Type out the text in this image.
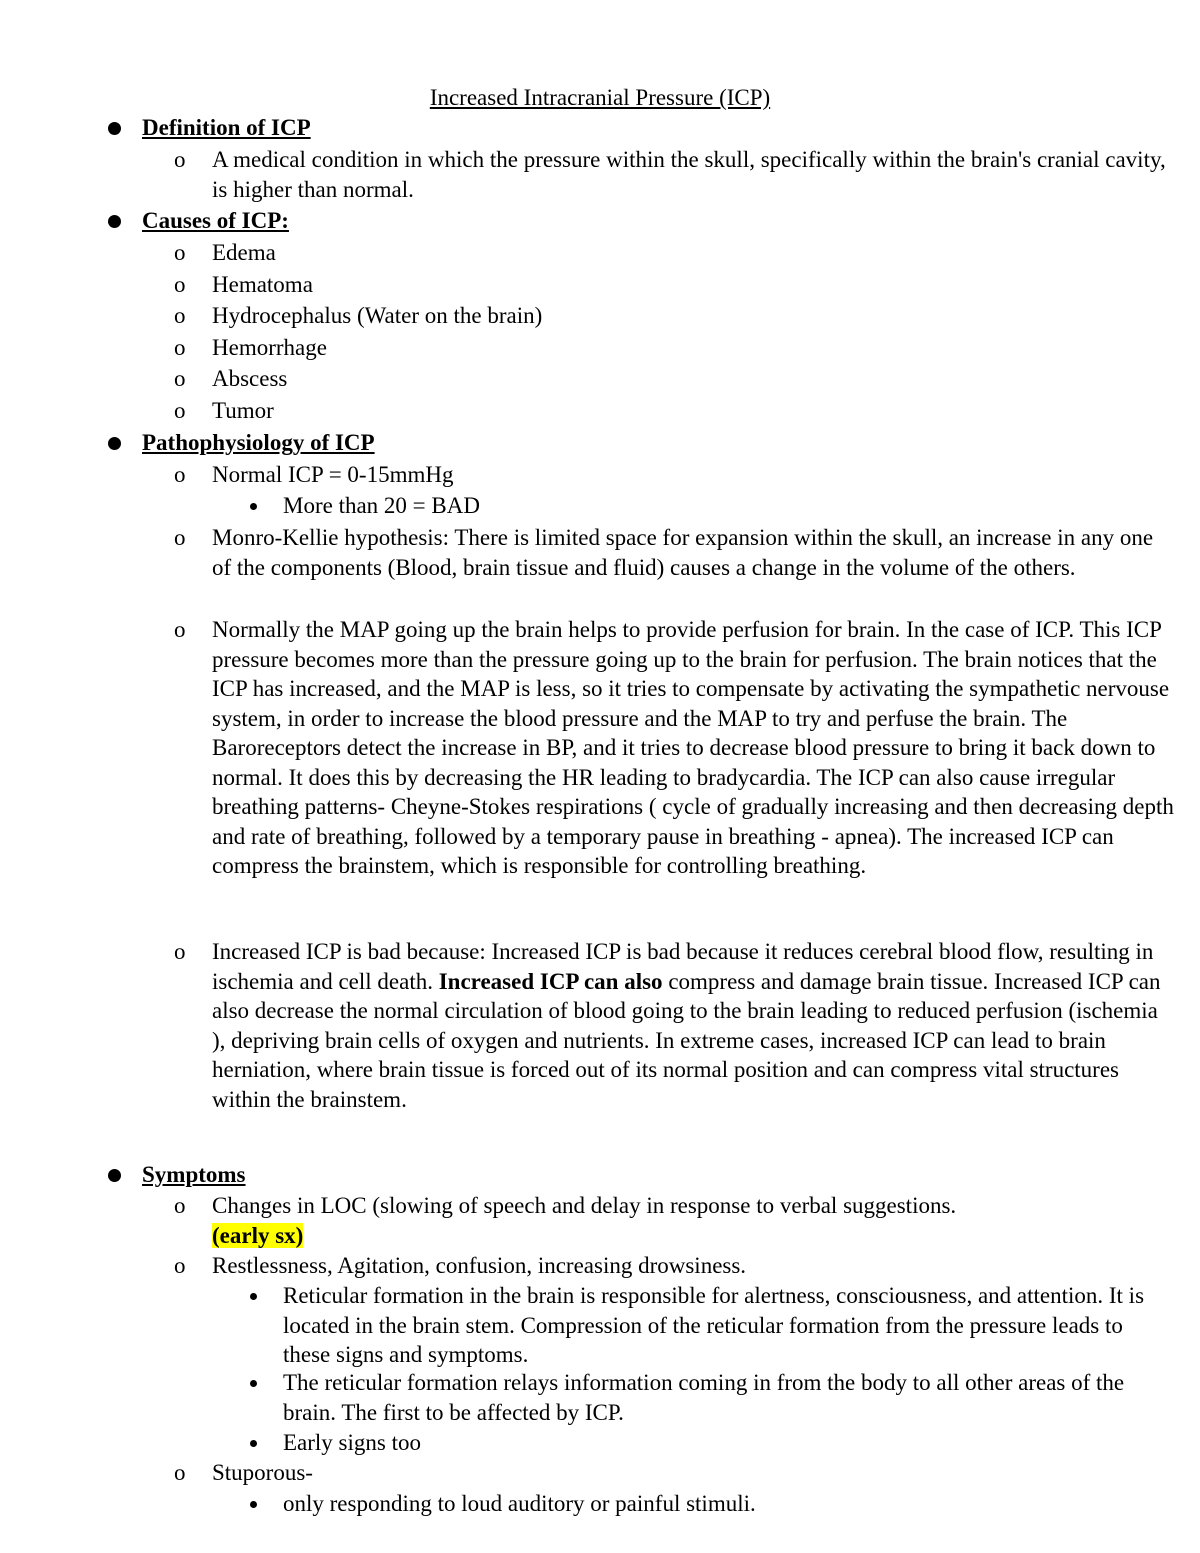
Increased Intracranial Pressure (ICP)
Definition of ICP
o A medical condition in which the pressure within the skull, specifically within the brain's cranial cavity, is higher than normal.
Causes of ICP:
o Edema
o Hematoma
o Hydrocephalus (Water on the brain)
o Hemorrhage
o Abscess
o Tumor
Pathophysiology of ICP
o Normal ICP = 0-15mmHg
More than 20 = BAD
o Monro-Kellie hypothesis: There is limited space for expansion within the skull, an increase in any one of the components (Blood, brain tissue and fluid) causes a change in the volume of the others.
o Normally the MAP going up the brain helps to provide perfusion for brain. In the case of ICP. This ICP pressure becomes more than the pressure going up to the brain for perfusion. The brain notices that the ICP has increased, and the MAP is less, so it tries to compensate by activating the sympathetic nervouse system, in order to increase the blood pressure and the MAP to try and perfuse the brain. The Baroreceptors detect the increase in BP, and it tries to decrease blood pressure to bring it back down to normal. It does this by decreasing the HR leading to bradycardia. The ICP can also cause irregular breathing patterns- Cheyne-Stokes respirations ( cycle of gradually increasing and then decreasing depth and rate of breathing, followed by a temporary pause in breathing - apnea). The increased ICP can compress the brainstem, which is responsible for controlling breathing.
o Increased ICP is bad because: Increased ICP is bad because it reduces cerebral blood flow, resulting in ischemia and cell death. Increased ICP can also compress and damage brain tissue. Increased ICP can also decrease the normal circulation of blood going to the brain leading to reduced perfusion (ischemia ), depriving brain cells of oxygen and nutrients. In extreme cases, increased ICP can lead to brain herniation, where brain tissue is forced out of its normal position and can compress vital structures within the brainstem.
Symptoms
o Changes in LOC (slowing of speech and delay in response to verbal suggestions.
(early sx)
o Restlessness, Agitation, confusion, increasing drowsiness.
Reticular formation in the brain is responsible for alertness, consciousness, and attention. It is located in the brain stem. Compression of the reticular formation from the pressure leads to these signs and symptoms.
The reticular formation relays information coming in from the body to all other areas of the brain. The first to be affected by ICP.
Early signs too
o Stuporous-
only responding to loud auditory or painful stimuli.
